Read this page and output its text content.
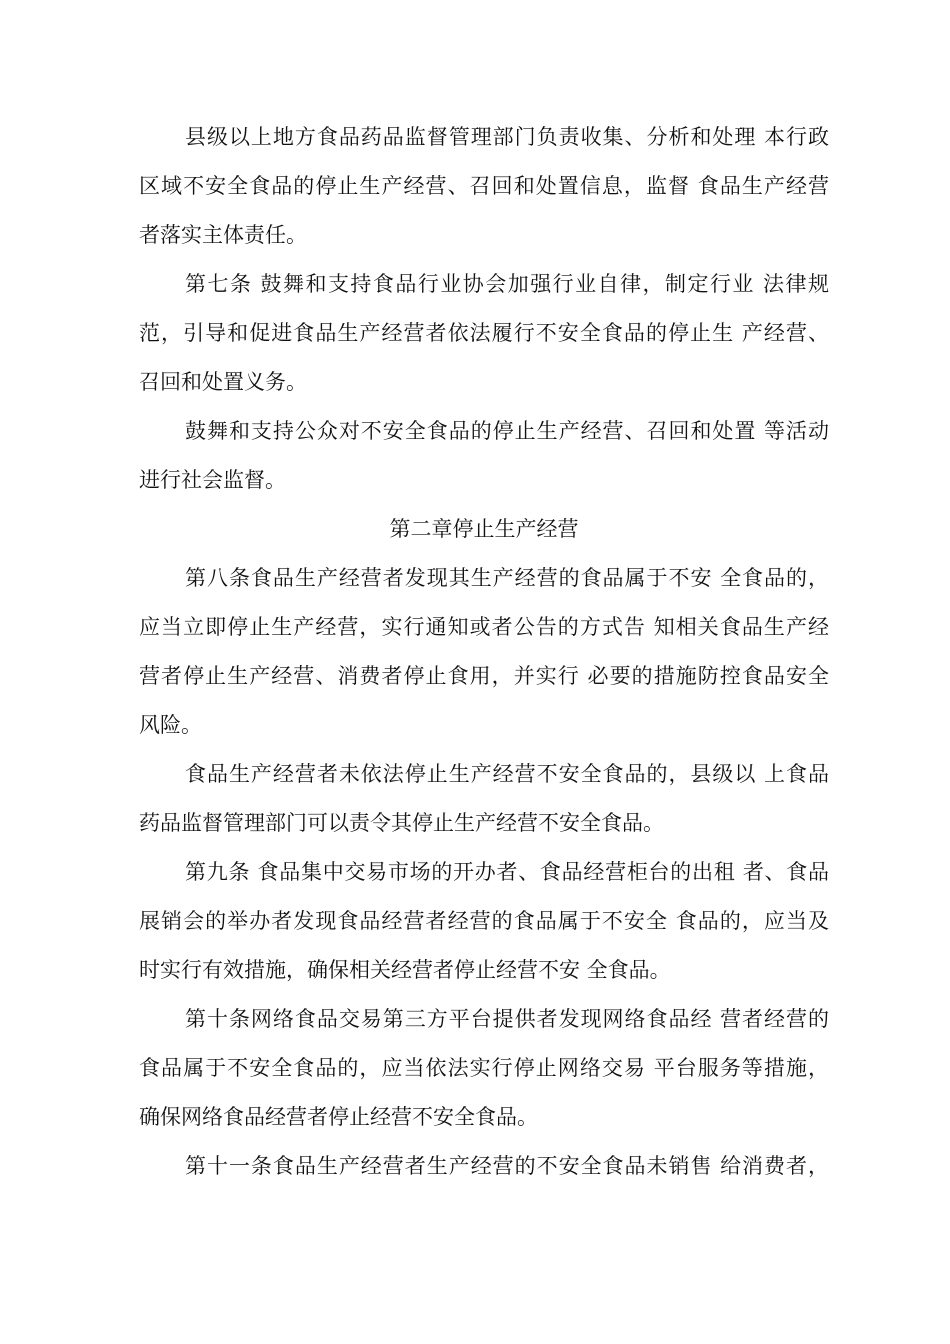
县级以上地方食品药品监督管理部门负责收集、分析和处理 本行政
区域不安全食品的停止生产经营、召回和处置信息，监督 食品生产经营
者落实主体责任。
第七条 鼓舞和支持食品行业协会加强行业自律，制定行业 法律规
范，引导和促进食品生产经营者依法履行不安全食品的停止生 产经营、
召回和处置义务。
鼓舞和支持公众对不安全食品的停止生产经营、召回和处置 等活动
进行社会监督。
第二章停止生产经营
第八条食品生产经营者发现其生产经营的食品属于不安 全食品的，
应当立即停止生产经营，实行通知或者公告的方式告 知相关食品生产经
营者停止生产经营、消费者停止食用，并实行 必要的措施防控食品安全
风险。
食品生产经营者未依法停止生产经营不安全食品的，县级以 上食品
药品监督管理部门可以责令其停止生产经营不安全食品。
第九条 食品集中交易市场的开办者、食品经营柜台的出租 者、食品
展销会的举办者发现食品经营者经营的食品属于不安全 食品的，应当及
时实行有效措施，确保相关经营者停止经营不安 全食品。
第十条网络食品交易第三方平台提供者发现网络食品经 营者经营的
食品属于不安全食品的，应当依法实行停止网络交易 平台服务等措施，
确保网络食品经营者停止经营不安全食品。
第十一条食品生产经营者生产经营的不安全食品未销售 给消费者，
